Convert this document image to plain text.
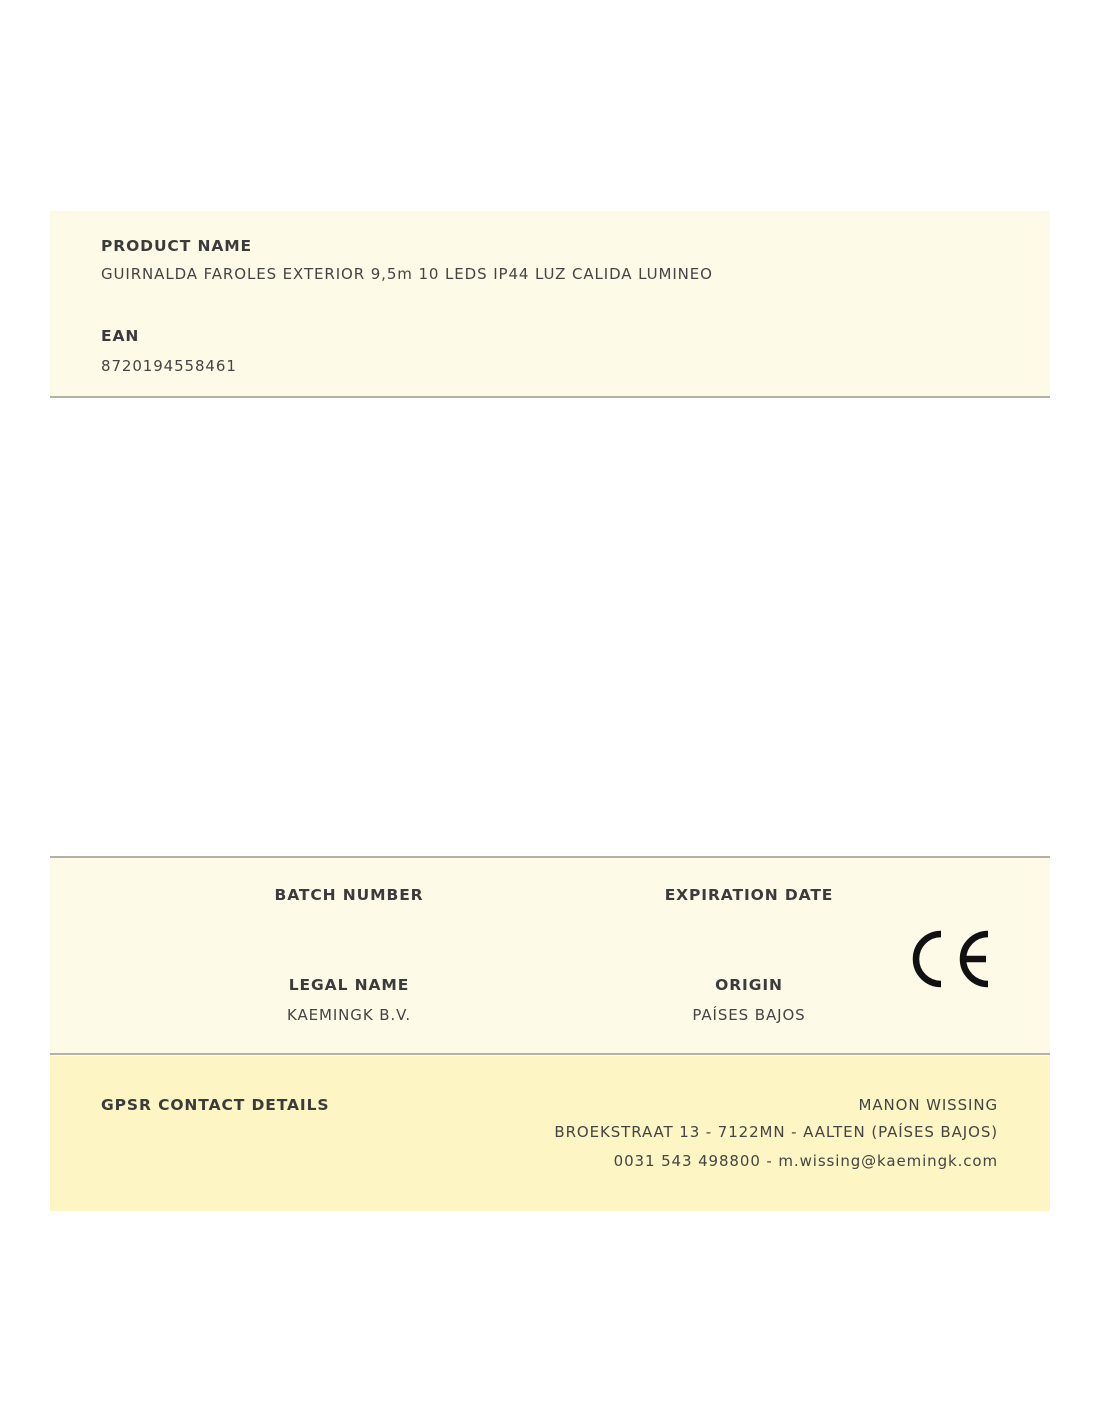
PRODUCT NAME
GUIRNALDA FAROLES EXTERIOR 9,5m 10 LEDS IP44 LUZ CALIDA LUMINEO
EAN
8720194558461
BATCH NUMBER	EXPIRATION DATE
LEGAL NAME
KAEMINGK B.V.
ORIGIN
PAÍSES BAJOS
GPSR CONTACT DETAILS	MANON WISSING
BROEKSTRAAT 13 - 7122MN - AALTEN (PAÍSES BAJOS)
0031 543 498800 - m.wissing@kaemingk.com
